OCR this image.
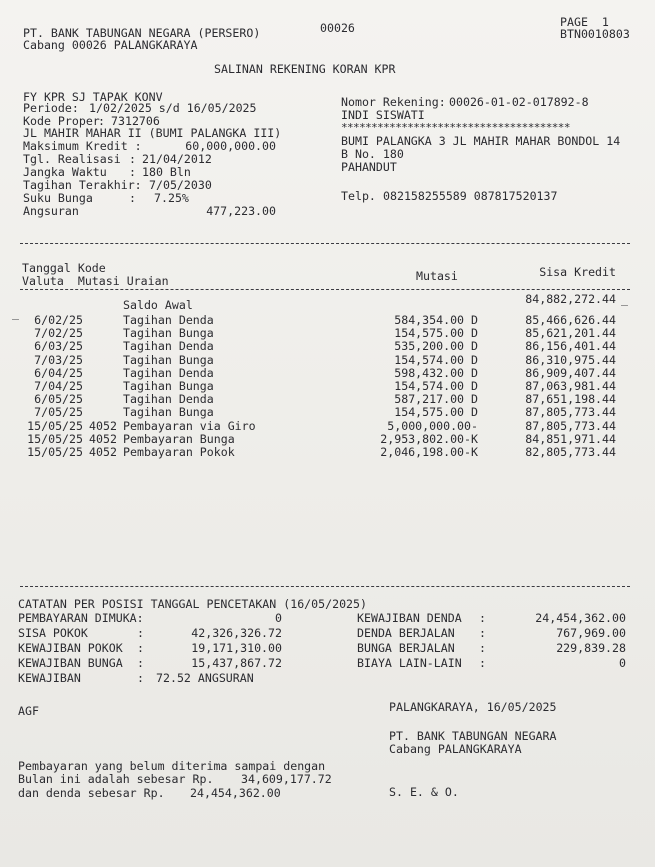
PT. BANK TABUNGAN NEGARA (PERSERO)
Cabang 00026 PALANGKARAYA
00026	PAGE  1
BTN0010803
SALINAN REKENING KORAN KPR
FY KPR SJ TAPAK KONV
Periode: 1/02/2025 s/d 16/05/2025
Kode Proper
: 7312706
JL MAHIR MAHAR II (BUMI PALANGKA III)
Maksimum Kredit :	60,000,000.00
Tgl. Realisasi : 21/04/2012
Jangka Waktu : 180 Bln
Tagihan Terakhir: 7/05/2030
Suku Bunga	: 7.25%
Angsuran	477,223.00
Nomor Rekening: 00026-01-02-017892-8
INDI SISWATI
**************************************
BUMI PALANGKA 3 JL MAHIR MAHAR BONDOL 14
B No. 180
PAHANDUT
Telp. 082158255589 087817520137
Tanggal Kode
Valuta  Mutasi Uraian	Mutasi	Sisa Kredit
Saldo Awal	84,882,272.44 _
_	6/02/25	Tagihan Denda	584,354.00 D	85,466,626.44
7/02/25	Tagihan Bunga	154,575.00 D	85,621,201.44
6/03/25	Tagihan Denda	535,200.00 D	86,156,401.44
7/03/25	Tagihan Bunga	154,574.00 D	86,310,975.44
6/04/25	Tagihan Denda	598,432.00 D	86,909,407.44
7/04/25	Tagihan Bunga	154,574.00 D	87,063,981.44
6/05/25	Tagihan Denda	587,217.00 D	87,651,198.44
7/05/25	Tagihan Bunga	154,575.00 D	87,805,773.44
15/05/25 4052 Pembayaran via Giro	5,000,000.00-	87,805,773.44
15/05/25 4052 Pembayaran Bunga	2,953,802.00-K	84,851,971.44
15/05/25 4052 Pembayaran Pokok	2,046,198.00-K	82,805,773.44
CATATAN PER POSISI TANGGAL PENCETAKAN (16/05/2025)
PEMBAYARAN DIMUKA:	0
SISA POKOK	:	42,326,326.72
KEWAJIBAN POKOK :	19,171,310.00
KEWAJIBAN BUNGA :	15,437,867.72
KEWAJIBAN	: 72.52 ANGSURAN
KEWAJIBAN DENDA :	24,454,362.00
DENDA BERJALAN :	767,969.00
BUNGA BERJALAN :	229,839.28
BIAYA LAIN-LAIN :	0
AGF	PALANGKARAYA, 16/05/2025
PT. BANK TABUNGAN NEGARA
Cabang PALANGKARAYA
Pembayaran yang belum diterima sampai dengan
Bulan ini adalah sebesar Rp. 34,609,177.72
dan denda sebesar Rp. 24,454,362.00	S. E. & O.
